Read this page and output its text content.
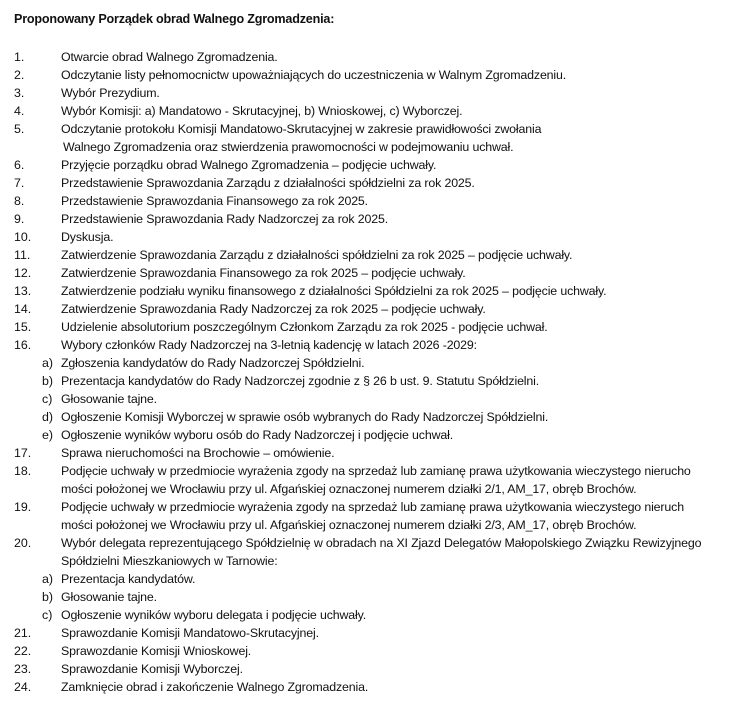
Proponowany Porządek obrad Walnego Zgromadzenia:
1.	Otwarcie obrad Walnego Zgromadzenia.
2.	Odczytanie listy pełnomocnictw upoważniających do uczestniczenia w Walnym Zgromadzeniu.
3.	Wybór Prezydium.
4.	Wybór Komisji: a) Mandatowo - Skrutacyjnej, b) Wnioskowej, c) Wyborczej.
5.	Odczytanie protokołu Komisji Mandatowo-Skrutacyjnej w zakresie prawidłowości zwołania
Walnego Zgromadzenia oraz stwierdzenia prawomocności w podejmowaniu uchwał.
6.	Przyjęcie porządku obrad Walnego Zgromadzenia – podjęcie uchwały.
7.	Przedstawienie Sprawozdania Zarządu z działalności spółdzielni za rok 2025.
8.	Przedstawienie Sprawozdania Finansowego za rok 2025.
9.	Przedstawienie Sprawozdania Rady Nadzorczej za rok 2025.
10. Dyskusja.
11. Zatwierdzenie Sprawozdania Zarządu z działalności spółdzielni za rok 2025 – podjęcie uchwały.
12. Zatwierdzenie Sprawozdania Finansowego za rok 2025 – podjęcie uchwały.
13. Zatwierdzenie podziału wyniku finansowego z działalności Spółdzielni za rok 2025 – podjęcie uchwały.
14. Zatwierdzenie Sprawozdania Rady Nadzorczej za rok 2025 – podjęcie uchwały.
15. Udzielenie absolutorium poszczególnym Członkom Zarządu za rok 2025 - podjęcie uchwał.
16. Wybory członków Rady Nadzorczej na 3-letnią kadencję w latach 2026 -2029:
a) Zgłoszenia kandydatów do Rady Nadzorczej Spółdzielni.
b) Prezentacja kandydatów do Rady Nadzorczej zgodnie z § 26 b ust. 9. Statutu Spółdzielni.
c) Głosowanie tajne.
d) Ogłoszenie Komisji Wyborczej w sprawie osób wybranych do Rady Nadzorczej Spółdzielni.
e) Ogłoszenie wyników wyboru osób do Rady Nadzorczej i podjęcie uchwał.
17. Sprawa nieruchomości na Brochowie – omówienie.
18. Podjęcie uchwały w przedmiocie wyrażenia zgody na sprzedaż lub zamianę prawa użytkowania wieczystego nierucho
mości położonej we Wrocławiu przy ul. Afgańskiej oznaczonej numerem działki 2/1, AM_17, obręb Brochów.
19. Podjęcie uchwały w przedmiocie wyrażenia zgody na sprzedaż lub zamianę prawa użytkowania wieczystego nieruch
mości położonej we Wrocławiu przy ul. Afgańskiej oznaczonej numerem działki 2/3, AM_17, obręb Brochów.
20. Wybór delegata reprezentującego Spółdzielnię w obradach na XI Zjazd Delegatów Małopolskiego Związku Rewizyjnego
Spółdzielni Mieszkaniowych w Tarnowie:
a) Prezentacja kandydatów.
b) Głosowanie tajne.
c) Ogłoszenie wyników wyboru delegata i podjęcie uchwały.
21. Sprawozdanie Komisji Mandatowo-Skrutacyjnej.
22. Sprawozdanie Komisji Wnioskowej.
23. Sprawozdanie Komisji Wyborczej.
24. Zamknięcie obrad i zakończenie Walnego Zgromadzenia.
